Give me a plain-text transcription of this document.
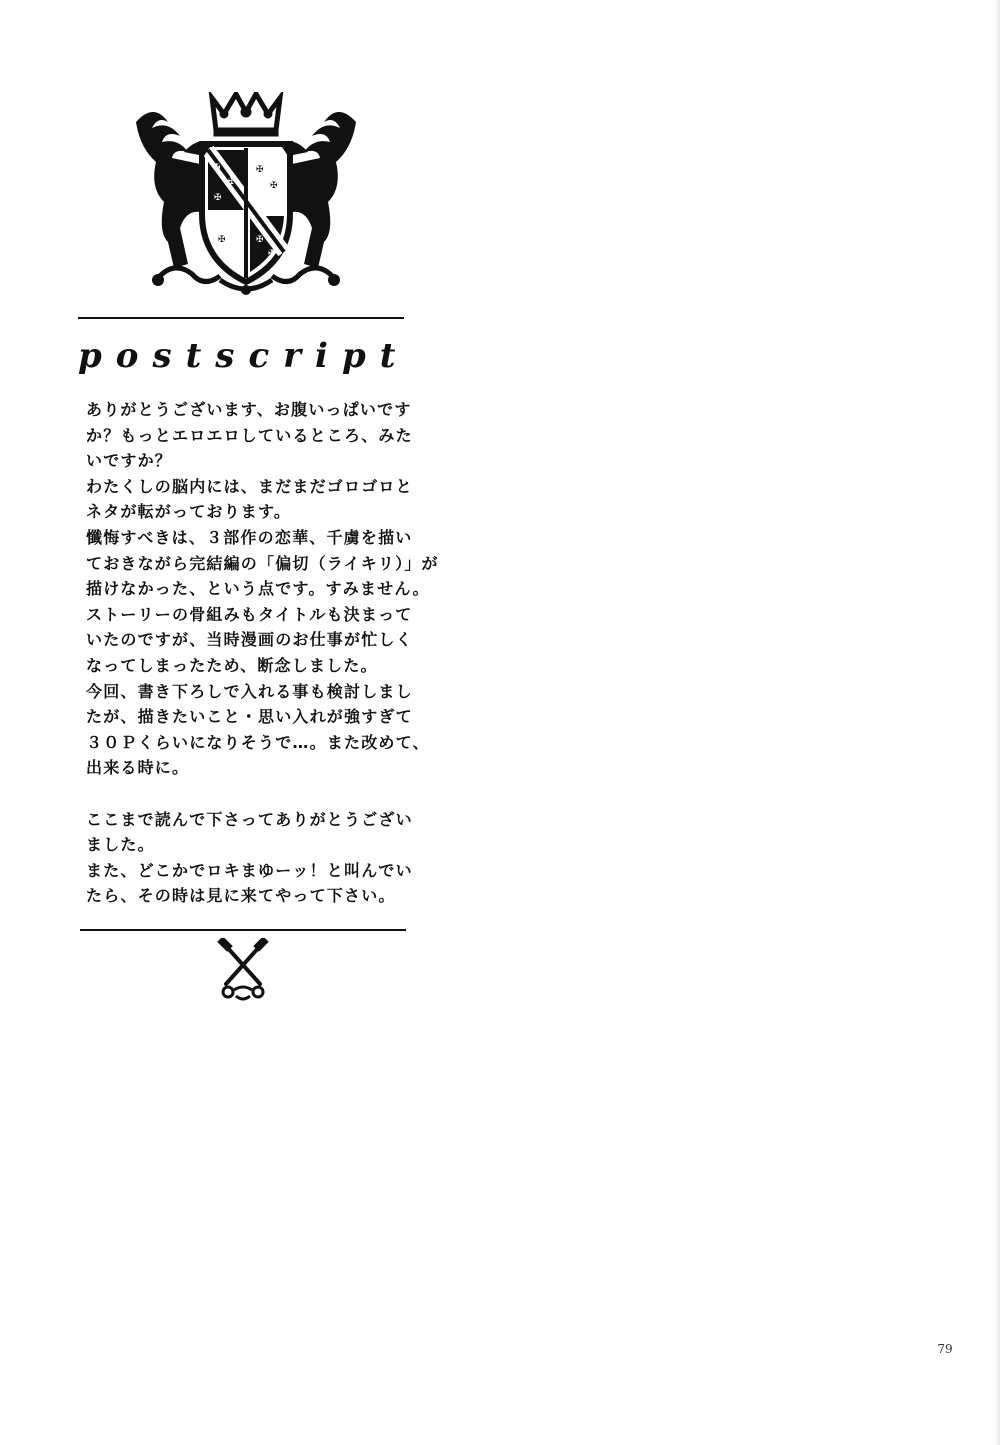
✠
✠
✠
✠
✠
✠
✠
✠
postscript

ありがとうございます、お腹いっぱいです

か？もっとエロエロしているところ、みた

いですか？

わたくしの脳内には、まだまだゴロゴロと

ネタが転がっております。

懺悔すべきは、３部作の恋華、千虜を描い

ておきながら完結編の「偏切（ライキリ）」が

描けなかった、という点です。すみません。

ストーリーの骨組みもタイトルも決まって

いたのですが、当時漫画のお仕事が忙しく

なってしまったため、断念しました。

今回、書き下ろしで入れる事も検討しまし

たが、描きたいこと・思い入れが強すぎて

３０Ｐくらいになりそうで…。また改めて、

出来る時に。

ここまで読んで下さってありがとうござい

ました。

また、どこかでロキまゆーッ！と叫んでい

たら、その時は見に来てやって下さい。

79
